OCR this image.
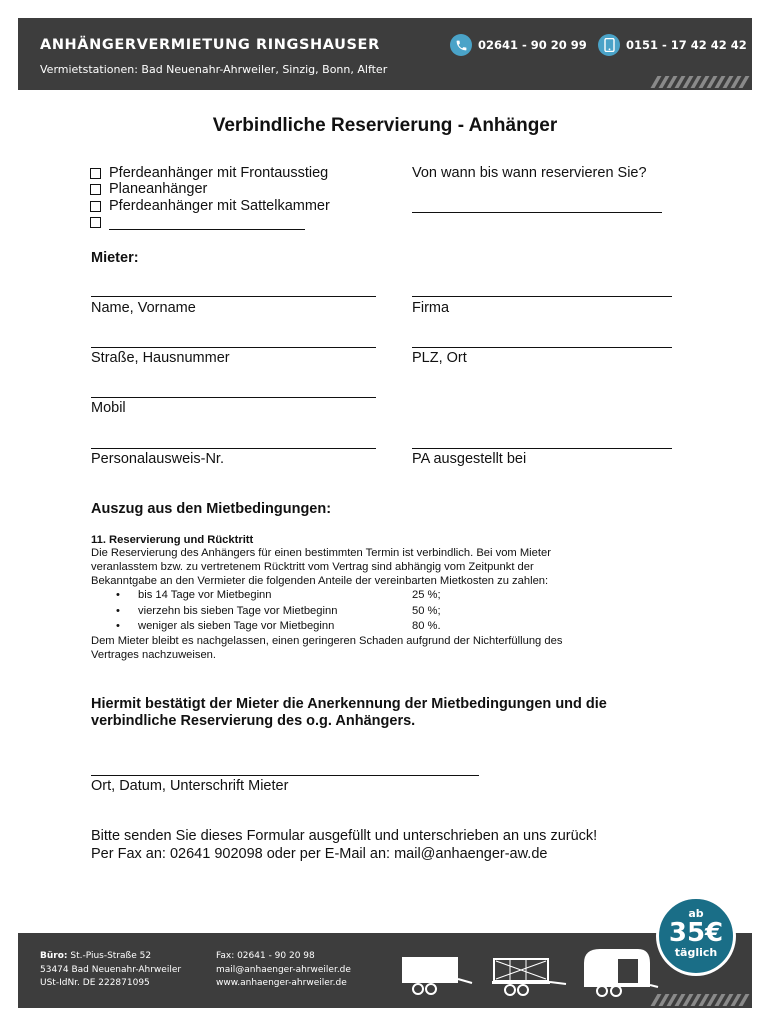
ANHÄNGERVERMIETUNG RINGSHAUSER
Vermietstationen: Bad Neuenahr-Ahrweiler, Sinzig, Bonn, Alfter
02641 - 90 20 99	0151 - 17 42 42 42
Verbindliche Reservierung - Anhänger
Pferdeanhänger mit Frontausstieg
Planeanhänger
Pferdeanhänger mit Sattelkammer
Von wann bis wann reservieren Sie?
Mieter:
Name, Vorname	Firma
Straße, Hausnummer	PLZ, Ort
Mobil
Personalausweis-Nr.	PA ausgestellt bei
Auszug aus den Mietbedingungen:
11. Reservierung und Rücktritt
Die Reservierung des Anhängers für einen bestimmten Termin ist verbindlich. Bei vom Mieter
veranlasstem bzw. zu vertretenem Rücktritt vom Vertrag sind abhängig vom Zeitpunkt der
Bekanntgabe an den Vermieter die folgenden Anteile der vereinbarten Mietkosten zu zahlen:
• bis 14 Tage vor Mietbeginn	25 %;
• vierzehn bis sieben Tage vor Mietbeginn	50 %;
• weniger als sieben Tage vor Mietbeginn	80 %.
Dem Mieter bleibt es nachgelassen, einen geringeren Schaden aufgrund der Nichterfüllung des
Vertrages nachzuweisen.
Hiermit bestätigt der Mieter die Anerkennung der Mietbedingungen und die
verbindliche Reservierung des o.g. Anhängers.
Ort, Datum, Unterschrift Mieter
Bitte senden Sie dieses Formular ausgefüllt und unterschrieben an uns zurück!
Per Fax an: 02641 902098 oder per E-Mail an: mail@anhaenger-aw.de
Büro: St.-Pius-Straße 52
53474 Bad Neuenahr-Ahrweiler
USt-IdNr. DE 222871095
Fax: 02641 - 90 20 98
mail@anhaenger-ahrweiler.de
www.anhaenger-ahrweiler.de
ab
35€
täglich
